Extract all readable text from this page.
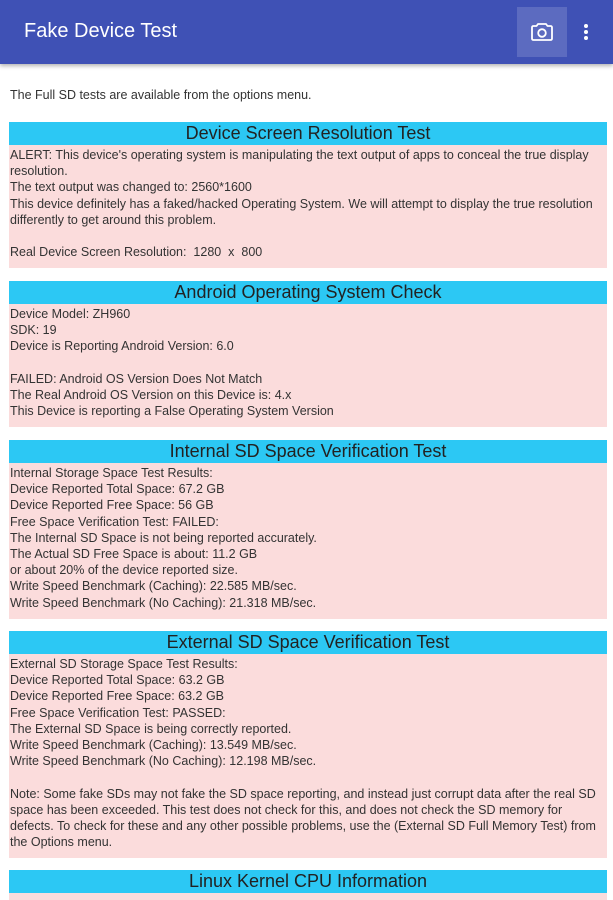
Fake Device Test
The Full SD tests are available from the options menu.
Device Screen Resolution Test
ALERT: This device's operating system is manipulating the text output of apps to conceal the true display resolution.
The text output was changed to: 2560*1600
This device definitely has a faked/hacked Operating System. We will attempt to display the true resolution differently to get around this problem.
Real Device Screen Resolution:  1280  x  800
Android Operating System Check
Device Model: ZH960
SDK: 19
Device is Reporting Android Version: 6.0
FAILED: Android OS Version Does Not Match
The Real Android OS Version on this Device is: 4.x
This Device is reporting a False Operating System Version
Internal SD Space Verification Test
Internal Storage Space Test Results:
Device Reported Total Space: 67.2 GB
Device Reported Free Space: 56 GB
Free Space Verification Test: FAILED:
The Internal SD Space is not being reported accurately.
The Actual SD Free Space is about: 11.2 GB
or about 20% of the device reported size.
Write Speed Benchmark (Caching): 22.585 MB/sec.
Write Speed Benchmark (No Caching): 21.318 MB/sec.
External SD Space Verification Test
External SD Storage Space Test Results:
Device Reported Total Space: 63.2 GB
Device Reported Free Space: 63.2 GB
Free Space Verification Test: PASSED:
The External SD Space is being correctly reported.
Write Speed Benchmark (Caching): 13.549 MB/sec.
Write Speed Benchmark (No Caching): 12.198 MB/sec.
Note: Some fake SDs may not fake the SD space reporting, and instead just corrupt data after the real SD space has been exceeded. This test does not check for this, and does not check the SD memory for defects. To check for these and any other possible problems, use the (External SD Full Memory Test) from the Options menu.
Linux Kernel CPU Information
